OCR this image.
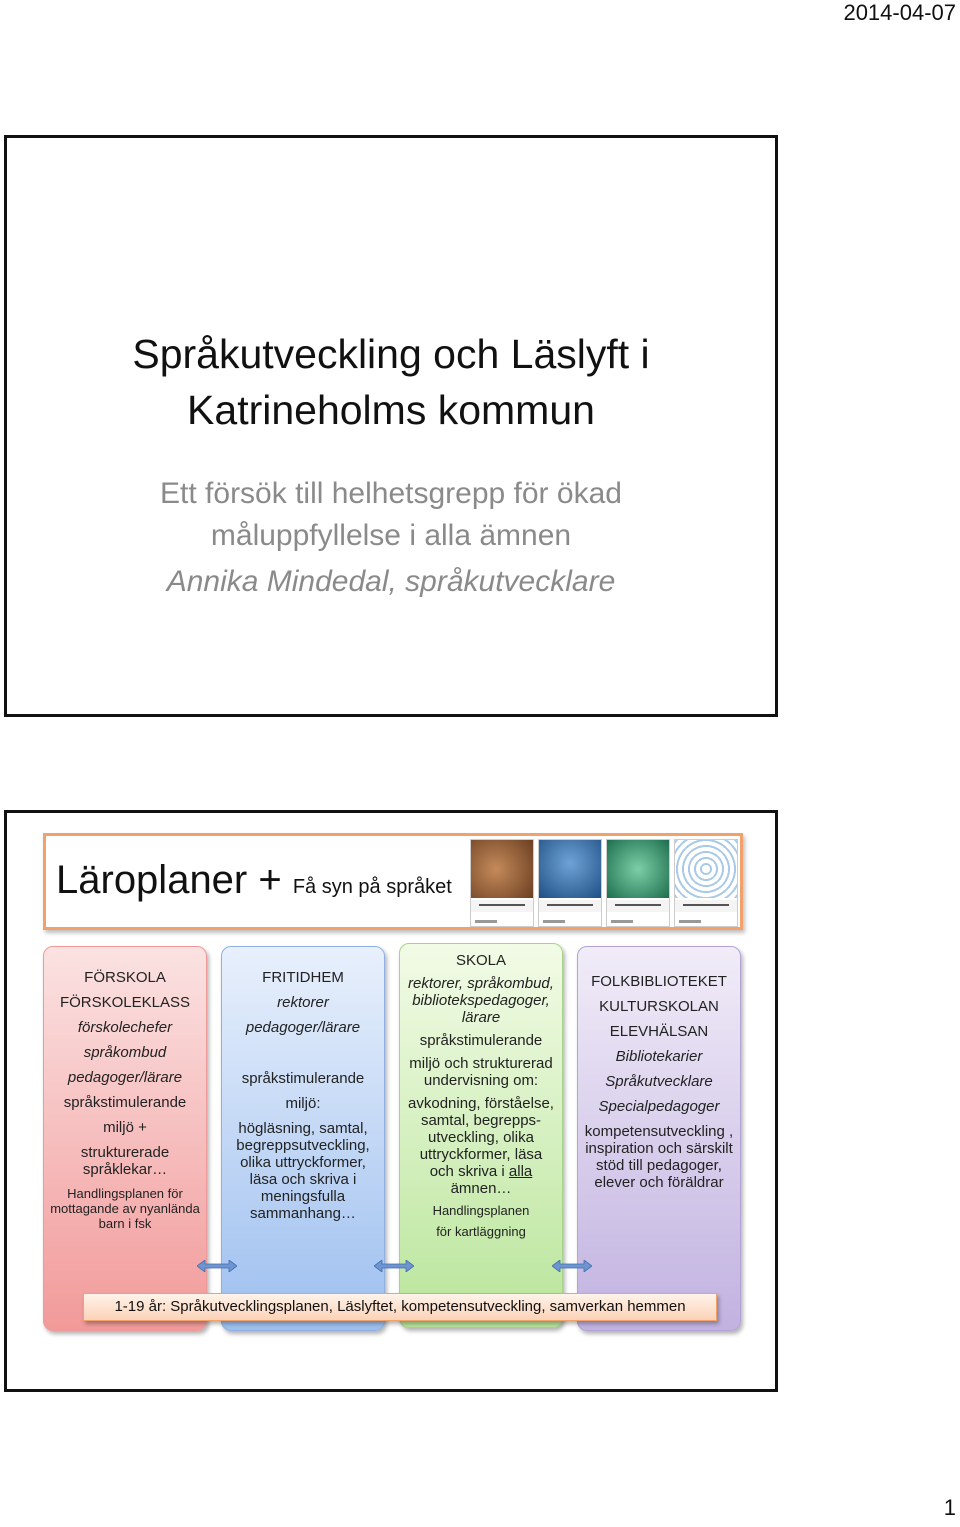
2014-04-07
Språkutveckling och Läslyft i
Katrineholms kommun
Ett försök till helhetsgrepp för ökad
måluppfyllelse i alla ämnen
Annika Mindedal, språkutvecklare
Läroplaner + Få syn på språket

FÖRSKOLA

FÖRSKOLEKLASS

förskolechefer

språkombud

pedagoger/lärare

språkstimulerande

miljö +

strukturerade språklekar…

Handlingsplanen för mottagande av nyanlända barn i fsk

FRITIDHEM

rektorer

pedagoger/lärare

språkstimulerande

miljö:

högläsning, samtal, begreppsutveckling, olika uttryckformer, läsa och skriva i meningsfulla sammanhang…

SKOLA

rektorer, språkombud, bibliotekspedagoger, lärare

språkstimulerande

miljö och strukturerad undervisning om:

avkodning, förståelse, samtal, begrepps-utveckling, olika uttryckformer, läsa och skriva i alla ämnen…

Handlingsplanen

för kartläggning

FOLKBIBLIOTEKET

KULTURSKOLAN

ELEVHÄLSAN

Bibliotekarier

Språkutvecklare

Specialpedagoger

kompetensutveckling , inspiration och särskilt stöd till pedagoger, elever och föräldrar

1-19 år: Språkutvecklingsplanen, Läslyftet, kompetensutveckling, samverkan hemmen
1
